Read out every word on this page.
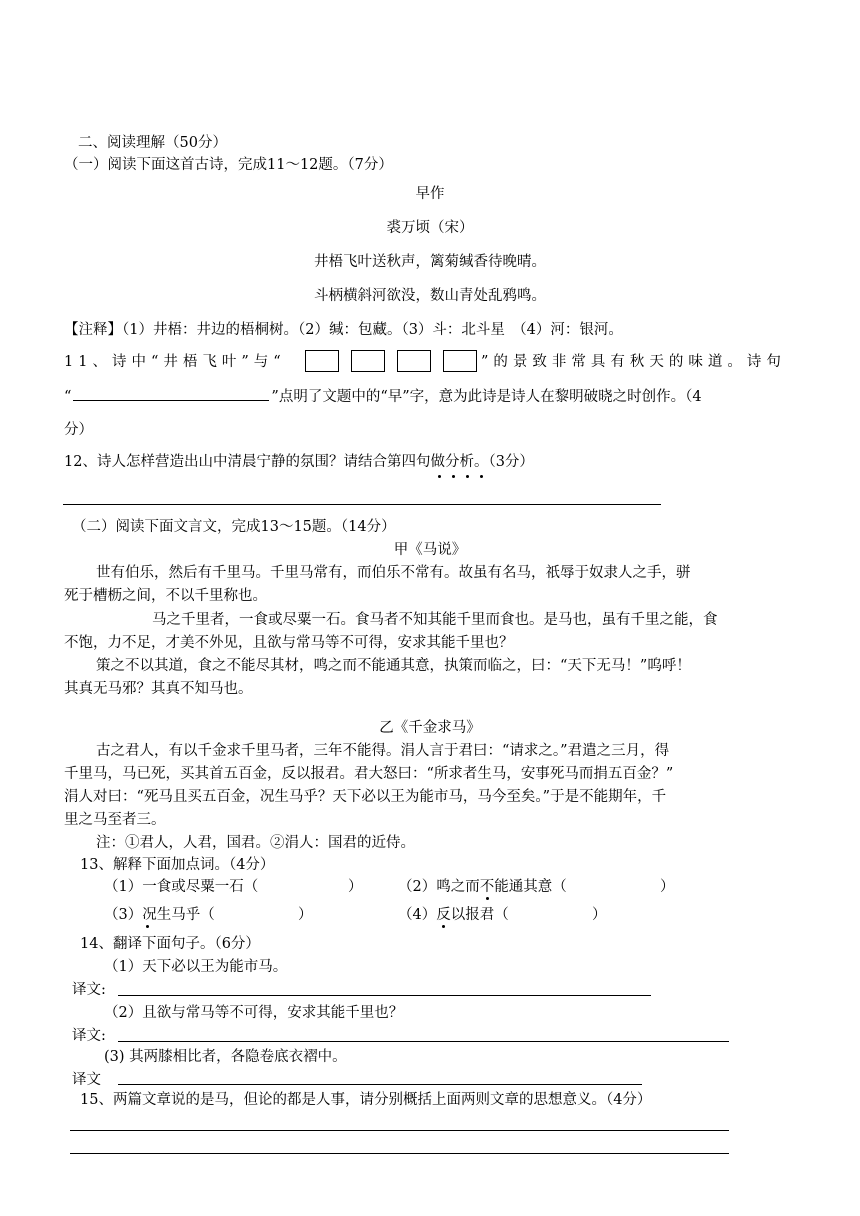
二、阅读理解（50分）
（一）阅读下面这首古诗，完成11～12题。（7分）
早作
裘万顷（宋）
井梧飞叶送秋声，篱菊缄香待晚晴。
斗柄横斜河欲没，数山青处乱鸦鸣。
【注释】（1）井梧：井边的梧桐树。（2）缄：包藏。（3）斗：北斗星　（4）河：银河。
11、诗中“井梧飞叶”与“	”的景致非常具有秋天的味道。诗句
“	”点明了文题中的“早”字，意为此诗是诗人在黎明破晓之时创作。（4
分）
12、诗人怎样营造出山中清晨宁静的氛围？请结合第四句做分析。（3分）
（二）阅读下面文言文，完成13～15题。（14分）
甲《马说》
世有伯乐，然后有千里马。千里马常有，而伯乐不常有。故虽有名马，祇辱于奴隶人之手，骈
死于槽枥之间，不以千里称也。
马之千里者，一食或尽粟一石。食马者不知其能千里而食也。是马也，虽有千里之能，食
不饱，力不足，才美不外见，且欲与常马等不可得，安求其能千里也？
策之不以其道，食之不能尽其材，鸣之而不能通其意，执策而临之，曰：“天下无马！”呜呼！
其真无马邪？其真不知马也。
乙《千金求马》
古之君人，有以千金求千里马者，三年不能得。涓人言于君曰：“请求之。”君遣之三月，得
千里马，马已死，买其首五百金，反以报君。君大怒曰：“所求者生马，安事死马而捐五百金？”
涓人对曰：“死马且买五百金，况生马乎？天下必以王为能市马，马今至矣。”于是不能期年，千
里之马至者三。
注：①君人，人君，国君。②涓人：国君的近侍。
13、解释下面加点词。（4分）
（1）一食或尽粟一石（	） （2）鸣之而不能通其意（	）
（3）况生马乎（	）	（4）反以报君（	）
14、翻译下面句子。（6分）
（1）天下必以王为能市马。
译文:
（2）且欲与常马等不可得，安求其能千里也？
译文:
(3) 其两膝相比者，各隐卷底衣褶中。
译文
15、两篇文章说的是马，但论的都是人事，请分别概括上面两则文章的思想意义。（4分）
